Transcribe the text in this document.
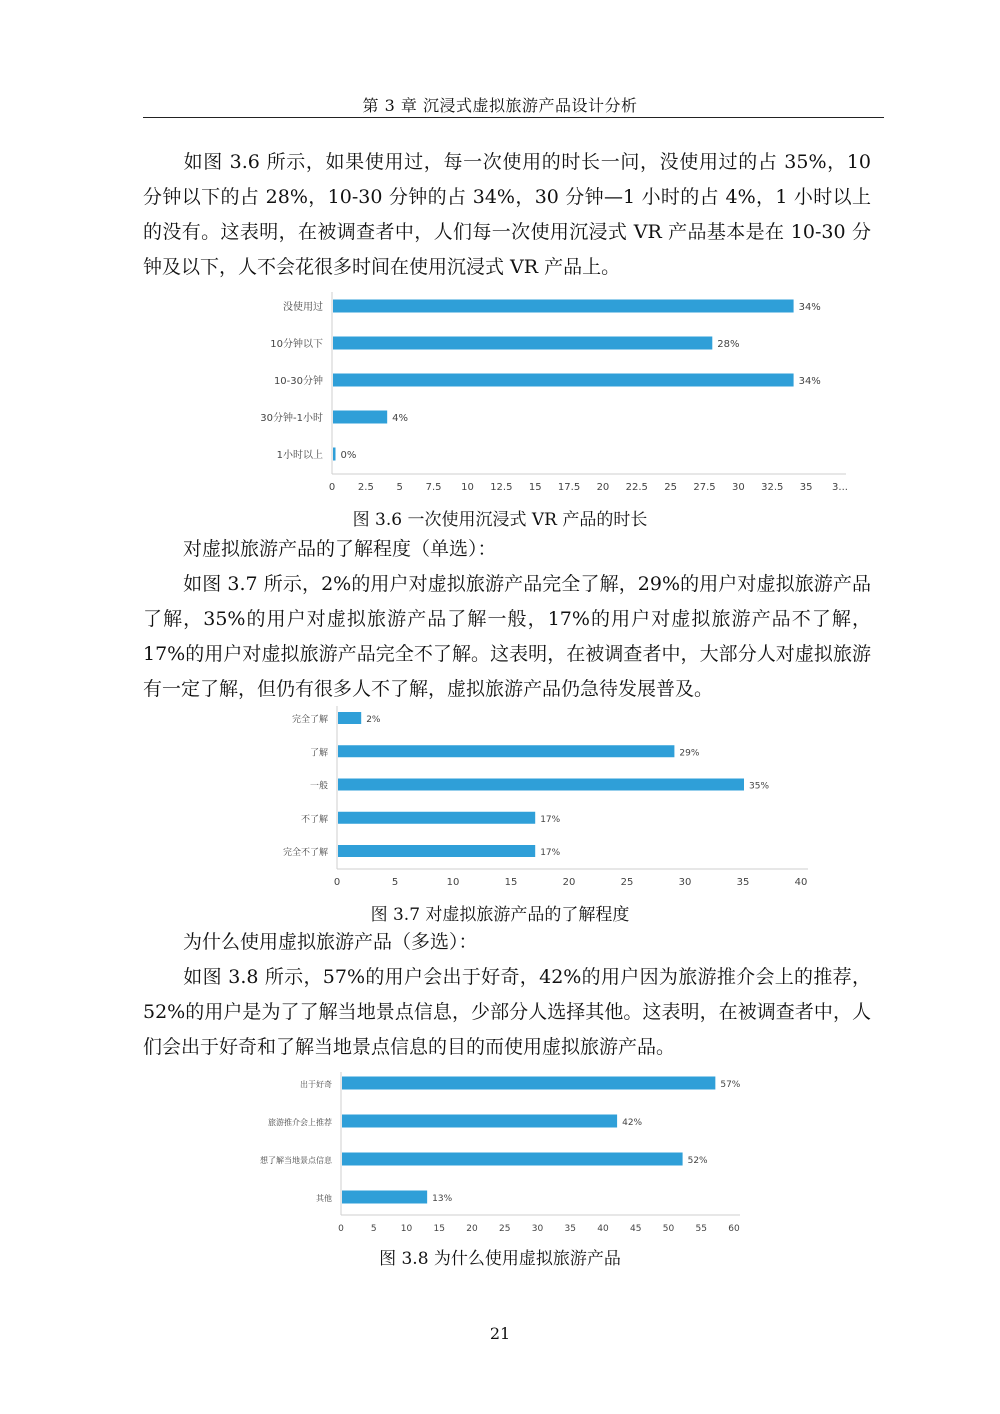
第 3 章 沉浸式虚拟旅游产品设计分析

如图 3.6 所示，如果使用过，每一次使用的时长一问，没使用过的占 35%，10 分钟以下的占 28%，10-30 分钟的占 34%，30 分钟—1 小时的占 4%，1 小时以上的没有。这表明，在被调查者中，人们每一次使用沉浸式 VR 产品基本是在 10-30 分钟及以下，人不会花很多时间在使用沉浸式 VR 产品上。

0 2.5 5 7.5 10 12.5 15 17.5 20 22.5 25 27.5 30 32.5 35 3...
没使用过	34%
10分钟以下	28%
10-30分钟	34%
30分钟-1小时	4%
1小时以上 0%

图 3.6 一次使用沉浸式 VR 产品的时长

对虚拟旅游产品的了解程度（单选）：

如图 3.7 所示，2%的用户对虚拟旅游产品完全了解，29%的用户对虚拟旅游产品了解，35%的用户对虚拟旅游产品了解一般，17%的用户对虚拟旅游产品不了解，17%的用户对虚拟旅游产品完全不了解。这表明，在被调查者中，大部分人对虚拟旅游有一定了解，但仍有很多人不了解，虚拟旅游产品仍急待发展普及。

0	5	10	15	20	25	30	35	40
完全了解	2%
了解	29%
一般	35%
不了解	17%
完全不了解	17%

图 3.7 对虚拟旅游产品的了解程度

为什么使用虚拟旅游产品（多选）：

如图 3.8 所示，57%的用户会出于好奇，42%的用户因为旅游推介会上的推荐，52%的用户是为了了解当地景点信息，少部分人选择其他。这表明，在被调查者中，人们会出于好奇和了解当地景点信息的目的而使用虚拟旅游产品。

0	5	10 15 20 25 30 35 40 45 50 55 60
出于好奇	57%
旅游推介会上推荐	42%
想了解当地景点信息	52%
其他	13%

图 3.8 为什么使用虚拟旅游产品

21
